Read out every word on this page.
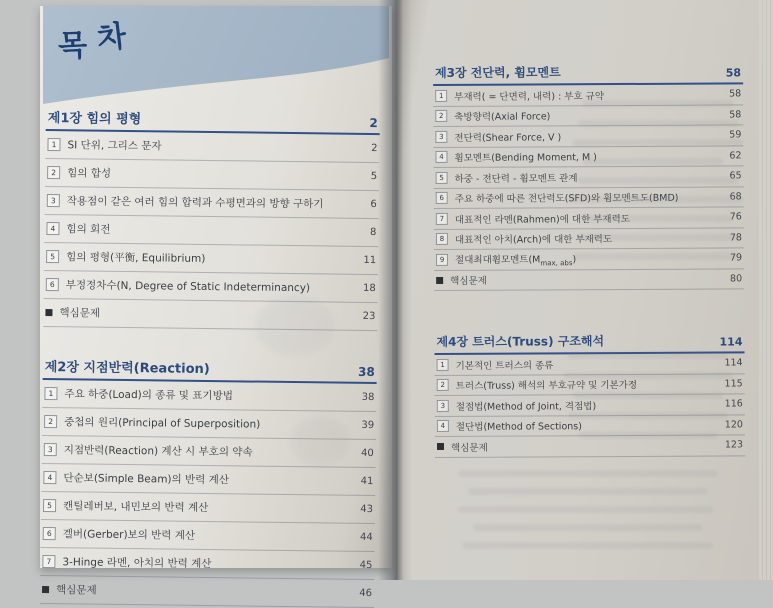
목 차
제1장 힘의 평형	2
1	SI 단위, 그리스 문자	2
2	힘의 합성	5
3	작용점이 같은 여러 힘의 합력과 수평면과의 방향 구하기	6
4	힘의 회전	8
5	힘의 평형(平衡, Equilibrium)	11
6	부정정차수(N, Degree of Static Indeterminancy)	18
핵심문제	23
제2장 지점반력(Reaction)	38
1	주요 하중(Load)의 종류 및 표기방법	38
2	중첩의 원리(Principal of Superposition)	39
3	지점반력(Reaction) 계산 시 부호의 약속	40
4	단순보(Simple Beam)의 반력 계산	41
5	캔틸레버보, 내민보의 반력 계산	43
6	겔버(Gerber)보의 반력 계산	44
7	3-Hinge 라멘, 아치의 반력 계산	45
핵심문제	46
제3장 전단력, 휨모멘트	58
1	부재력( = 단면력, 내력) : 부호 규약	58
2	축방향력(Axial Force)	58
3	전단력(Shear Force, V )	59
4	휨모멘트(Bending Moment, M )	62
5	하중 - 전단력 - 휨모멘트 관계	65
6	주요 하중에 따른 전단력도(SFD)와 휨모멘트도(BMD)	68
7	대표적인 라멘(Rahmen)에 대한 부재력도	76
8	대표적인 아치(Arch)에 대한 부재력도	78
9	절대최대휨모멘트$(M_{max, abs})$	79
핵심문제	80
제4장 트러스(Truss) 구조해석	114
1	기본적인 트러스의 종류	114
2	트러스(Truss) 해석의 부호규약 및 기본가정	115
3	절점법(Method of Joint, 격점법)	116
4	절단법(Method of Sections)	120
핵심문제	123
